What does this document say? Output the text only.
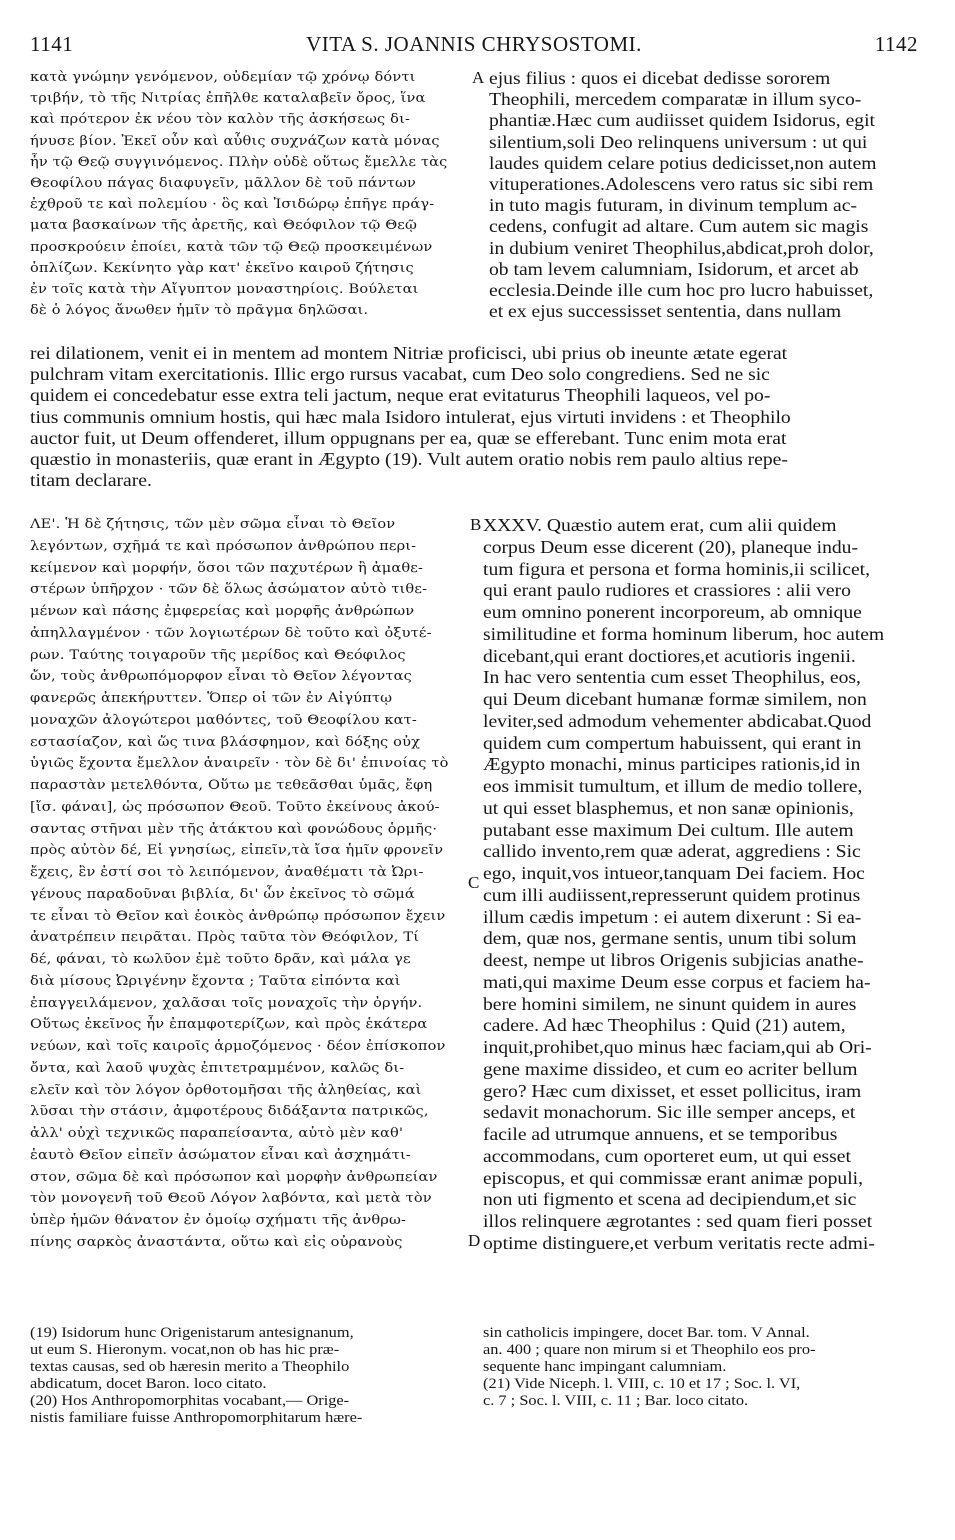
1141	VITA S. JOANNIS CHRYSOSTOMI.	1142
A
B
C
D
κατὰ γνώμην γενόμενον, οὐδεμίαν τῷ χρόνῳ δόντι
τριβήν, τὸ τῆς Νιτρίας ἐπῆλθε καταλαβεῖν ὄρος, ἵνα
καὶ πρότερον ἐκ νέου τὸν καλὸν τῆς ἀσκήσεως δι-
ήνυσε βίον. Ἐκεῖ οὖν καὶ αὖθις συχνάζων κατὰ μόνας
ἦν τῷ Θεῷ συγγινόμενος. Πλὴν οὐδὲ οὕτως ἔμελλε τὰς
Θεοφίλου πάγας διαφυγεῖν, μᾶλλον δὲ τοῦ πάντων
ἐχθροῦ τε καὶ πολεμίου · ὃς καὶ Ἰσιδώρῳ ἐπῆγε πράγ-
ματα βασκαίνων τῆς ἀρετῆς, καὶ Θεόφιλον τῷ Θεῷ
προσκρούειν ἐποίει, κατὰ τῶν τῷ Θεῷ προσκειμένων
ὁπλίζων. Κεκίνητο γὰρ κατ' ἐκεῖνο καιροῦ ζήτησις
ἐν τοῖς κατὰ τὴν Αἴγυπτον μοναστηρίοις. Βούλεται
δὲ ὁ λόγος ἄνωθεν ἡμῖν τὸ πρᾶγμα δηλῶσαι.
ejus filius : quos ei dicebat dedisse sororem
Theophili, mercedem comparatæ in illum syco-
phantiæ.Hæc cum audiisset quidem Isidorus, egit
silentium,soli Deo relinquens universum : ut qui
laudes quidem celare potius dedicisset,non autem
vituperationes.Adolescens vero ratus sic sibi rem
in tuto magis futuram, in divinum templum ac-
cedens, confugit ad altare. Cum autem sic magis
in dubium veniret Theophilus,abdicat,proh dolor,
ob tam levem calumniam, Isidorum, et arcet ab
ecclesia.Deinde ille cum hoc pro lucro habuisset,
et ex ejus successisset sententia, dans nullam
rei dilationem, venit ei in mentem ad montem Nitriæ proficisci, ubi prius ob ineunte ætate egerat
pulchram vitam exercitationis. Illic ergo rursus vacabat, cum Deo solo congrediens. Sed ne sic
quidem ei concedebatur esse extra teli jactum, neque erat evitaturus Theophili laqueos, vel po-
tius communis omnium hostis, qui hæc mala Isidoro intulerat, ejus virtuti invidens : et Theophilo
auctor fuit, ut Deum offenderet, illum oppugnans per ea, quæ se efferebant. Tunc enim mota erat
quæstio in monasteriis, quæ erant in Ægypto (19). Vult autem oratio nobis rem paulo altius repe-
titam declarare.
ΛΕ'. Ἡ δὲ ζήτησις, τῶν μὲν σῶμα εἶναι τὸ Θεῖον
λεγόντων, σχῆμά τε καὶ πρόσωπον ἀνθρώπου περι-
κείμενον καὶ μορφήν, ὅσοι τῶν παχυτέρων ἢ ἀμαθε-
στέρων ὑπῆρχον · τῶν δὲ ὅλως ἀσώματον αὐτὸ τιθε-
μένων καὶ πάσης ἐμφερείας καὶ μορφῆς ἀνθρώπων
ἀπηλλαγμένον · τῶν λογιωτέρων δὲ τοῦτο καὶ ὀξυτέ-
ρων. Ταύτης τοιγαροῦν τῆς μερίδος καὶ Θεόφιλος
ὤν, τοὺς ἀνθρωπόμορφον εἶναι τὸ Θεῖον λέγοντας
φανερῶς ἀπεκήρυττεν. Ὅπερ οἱ τῶν ἐν Αἰγύπτῳ
μοναχῶν ἀλογώτεροι μαθόντες, τοῦ Θεοφίλου κατ-
εστασίαζον, καὶ ὥς τινα βλάσφημον, καὶ δόξης οὐχ
ὑγιῶς ἔχοντα ἔμελλον ἀναιρεῖν · τὸν δὲ δι' ἐπινοίας τὸ
παραστὰν μετελθόντα, Οὕτω με τεθεᾶσθαι ὑμᾶς, ἔφη
[ἴσ. φάναι], ὡς πρόσωπον Θεοῦ. Τοῦτο ἐκείνους ἀκού-
σαντας στῆναι μὲν τῆς ἀτάκτου καὶ φονώδους ὁρμῆς·
πρὸς αὐτὸν δέ, Εἰ γνησίως, εἰπεῖν,τὰ ἴσα ἡμῖν φρονεῖν
ἔχεις, ἓν ἐστί σοι τὸ λειπόμενον, ἀναθέματι τὰ Ὠρι-
γένους παραδοῦναι βιβλία, δι' ὧν ἐκεῖνος τὸ σῶμά
τε εἶναι τὸ Θεῖον καὶ ἐοικὸς ἀνθρώπῳ πρόσωπον ἔχειν
ἀνατρέπειν πειρᾶται. Πρὸς ταῦτα τὸν Θεόφιλον, Τί
δέ, φάναι, τὸ κωλῦον ἐμὲ τοῦτο δρᾶν, καὶ μάλα γε
διὰ μίσους Ὠριγένην ἔχοντα ; Ταῦτα εἰπόντα καὶ
ἐπαγγειλάμενον, χαλᾶσαι τοῖς μοναχοῖς τὴν ὀργήν.
Οὕτως ἐκεῖνος ἦν ἐπαμφοτερίζων, καὶ πρὸς ἑκάτερα
νεύων, καὶ τοῖς καιροῖς ἁρμοζόμενος · δέον ἐπίσκοπον
ὄντα, καὶ λαοῦ ψυχὰς ἐπιτετραμμένον, καλῶς δι-
ελεῖν καὶ τὸν λόγον ὀρθοτομῆσαι τῆς ἀληθείας, καὶ
λῦσαι τὴν στάσιν, ἀμφοτέρους διδάξαντα πατρικῶς,
ἀλλ' οὐχὶ τεχνικῶς παραπείσαντα, αὐτὸ μὲν καθ'
ἑαυτὸ Θεῖον εἰπεῖν ἀσώματον εἶναι καὶ ἀσχημάτι-
στον, σῶμα δὲ καὶ πρόσωπον καὶ μορφὴν ἀνθρωπείαν
τὸν μονογενῆ τοῦ Θεοῦ Λόγον λαβόντα, καὶ μετὰ τὸν
ὑπὲρ ἡμῶν θάνατον ἐν ὁμοίῳ σχήματι τῆς ἀνθρω-
πίνης σαρκὸς ἀναστάντα, οὕτω καὶ εἰς οὐρανοὺς
XXXV. Quæstio autem erat, cum alii quidem
corpus Deum esse dicerent (20), planeque indu-
tum figura et persona et forma hominis,ii scilicet,
qui erant paulo rudiores et crassiores : alii vero
eum omnino ponerent incorporeum, ab omnique
similitudine et forma hominum liberum, hoc autem
dicebant,qui erant doctiores,et acutioris ingenii.
In hac vero sententia cum esset Theophilus, eos,
qui Deum dicebant humanæ formæ similem, non
leviter,sed admodum vehementer abdicabat.Quod
quidem cum compertum habuissent, qui erant in
Ægypto monachi, minus participes rationis,id in
eos immisit tumultum, et illum de medio tollere,
ut qui esset blasphemus, et non sanæ opinionis,
putabant esse maximum Dei cultum. Ille autem
callido invento,rem quæ aderat, aggrediens : Sic
ego, inquit,vos intueor,tanquam Dei faciem. Hoc
cum illi audiissent,represserunt quidem protinus
illum cædis impetum : ei autem dixerunt : Si ea-
dem, quæ nos, germane sentis, unum tibi solum
deest, nempe ut libros Origenis subjicias anathe-
mati,qui maxime Deum esse corpus et faciem ha-
bere homini similem, ne sinunt quidem in aures
cadere. Ad hæc Theophilus : Quid (21) autem,
inquit,prohibet,quo minus hæc faciam,qui ab Ori-
gene maxime dissideo, et cum eo acriter bellum
gero? Hæc cum dixisset, et esset pollicitus, iram
sedavit monachorum. Sic ille semper anceps, et
facile ad utrumque annuens, et se temporibus
accommodans, cum oporteret eum, ut qui esset
episcopus, et qui commissæ erant animæ populi,
non uti figmento et scena ad decipiendum,et sic
illos relinquere ægrotantes : sed quam fieri posset
optime distinguere,et verbum veritatis recte admi-
(19) Isidorum hunc Origenistarum antesignanum,
ut eum S. Hieronym. vocat,non ob has hic præ-
textas causas, sed ob hæresin merito a Theophilo
abdicatum, docet Baron. loco citato.
(20) Hos Anthropomorphitas vocabant,— Orige-
nistis familiare fuisse Anthropomorphitarum hære-
sin catholicis impingere, docet Bar. tom. V Annal.
an. 400 ; quare non mirum si et Theophilo eos pro-
sequente hanc impingant calumniam.
(21) Vide Niceph. l. VIII, c. 10 et 17 ; Soc. l. VI,
c. 7 ; Soc. l. VIII, c. 11 ; Bar. loco citato.
